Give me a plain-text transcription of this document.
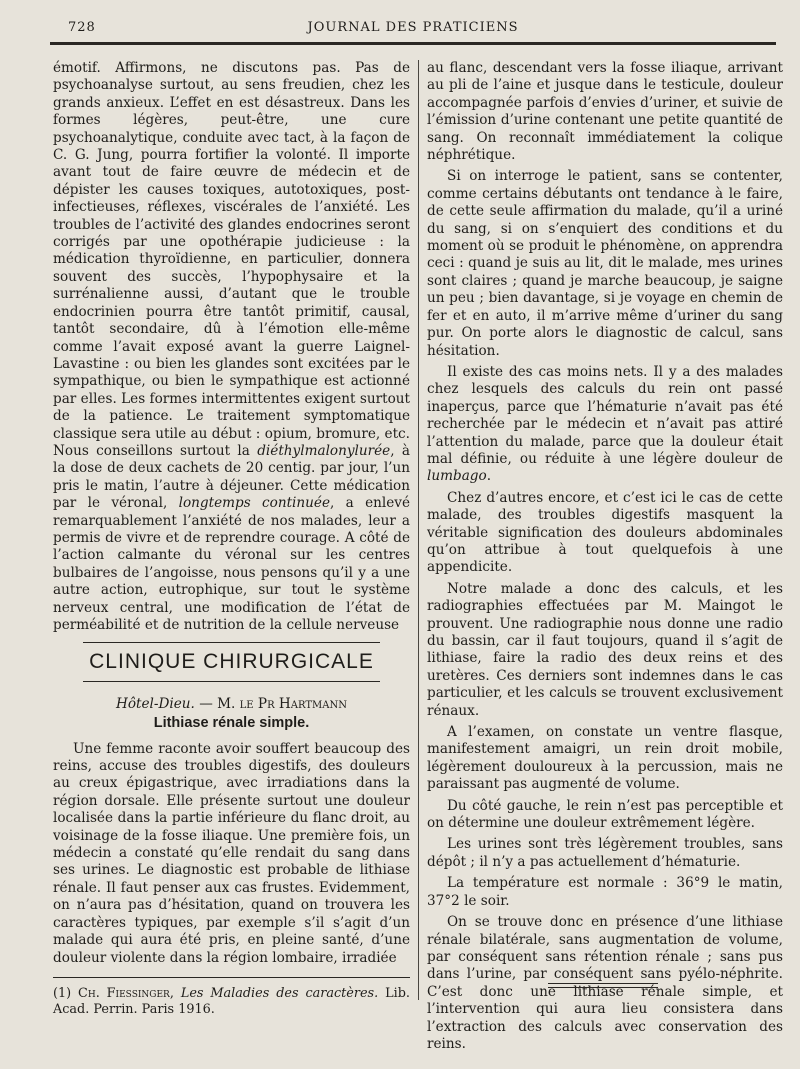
728	JOURNAL DES PRATICIENS

émotif. Affirmons, ne discutons pas. Pas de psychoanalyse surtout, au sens freudien, chez les grands anxieux. L’effet en est désastreux. Dans les formes légères, peut-être, une cure psychoanalytique, conduite avec tact, à la façon de C. G. Jung, pourra fortifier la volonté. Il importe avant tout de faire œuvre de médecin et de dépister les causes toxiques, autotoxiques, post-infectieuses, réflexes, viscérales de l’anxiété. Les troubles de l’activité des glandes endocrines seront corrigés par une opothérapie judicieuse : la médication thyroïdienne, en particulier, donnera souvent des succès, l’hypophysaire et la surrénalienne aussi, d’autant que le trouble endocrinien pourra être tantôt primitif, causal, tantôt secondaire, dû à l’émotion elle-même comme l’avait exposé avant la guerre Laignel-Lavastine : ou bien les glandes sont excitées par le sympathique, ou bien le sympathique est actionné par elles. Les formes intermittentes exigent surtout de la patience. Le traitement symptomatique classique sera utile au début : opium, bromure, etc. Nous conseillons surtout la diéthylmalonylurée, à la dose de deux cachets de 20 centig. par jour, l’un pris le matin, l’autre à déjeuner. Cette médication par le véronal, longtemps continuée, a enlevé remarquablement l’anxiété de nos malades, leur a permis de vivre et de reprendre courage. A côté de l’action calmante du véronal sur les centres bulbaires de l’angoisse, nous pensons qu’il y a une autre action, eutrophique, sur tout le système nerveux central, une modification de l’état de perméabilité et de nutrition de la cellule nerveuse

CLINIQUE CHIRURGICALE
Hôtel-Dieu. — M. le Pr Hartmann
Lithiase rénale simple.

Une femme raconte avoir souffert beaucoup des reins, accuse des troubles digestifs, des douleurs au creux épigastrique, avec irradiations dans la région dorsale. Elle présente surtout une douleur localisée dans la partie inférieure du flanc droit, au voisinage de la fosse iliaque. Une première fois, un médecin a constaté qu’elle rendait du sang dans ses urines. Le diagnostic est probable de lithiase rénale. Il faut penser aux cas frustes. Evidemment, on n’aura pas d’hésitation, quand on trouvera les caractères typiques, par exemple s’il s’agit d’un malade qui aura été pris, en pleine santé, d’une douleur violente dans la région lombaire, irradiée

(1) Ch. Fiessinger, Les Maladies des caractères. Lib. Acad. Perrin. Paris 1916.

au flanc, descendant vers la fosse iliaque, arrivant au pli de l’aine et jusque dans le testicule, douleur accompagnée parfois d’envies d’uriner, et suivie de l’émission d’urine contenant une petite quantité de sang. On reconnaît immédiatement la colique néphrétique.

Si on interroge le patient, sans se contenter, comme certains débutants ont tendance à le faire, de cette seule affirmation du malade, qu’il a uriné du sang, si on s’enquiert des conditions et du moment où se produit le phénomène, on apprendra ceci : quand je suis au lit, dit le malade, mes urines sont claires ; quand je marche beaucoup, je saigne un peu ; bien davantage, si je voyage en chemin de fer et en auto, il m’arrive même d’uriner du sang pur. On porte alors le diagnostic de calcul, sans hésitation.

Il existe des cas moins nets. Il y a des malades chez lesquels des calculs du rein ont passé inaperçus, parce que l’hématurie n’avait pas été recherchée par le médecin et n’avait pas attiré l’attention du malade, parce que la douleur était mal définie, ou réduite à une légère douleur de lumbago.

Chez d’autres encore, et c’est ici le cas de cette malade, des troubles digestifs masquent la véritable signification des douleurs abdominales qu’on attribue à tout quelquefois à une appendicite.

Notre malade a donc des calculs, et les radiographies effectuées par M. Maingot le prouvent. Une radiographie nous donne une radio du bassin, car il faut toujours, quand il s’agit de lithiase, faire la radio des deux reins et des uretères. Ces derniers sont indemnes dans le cas particulier, et les calculs se trouvent exclusivement rénaux.

A l’examen, on constate un ventre flasque, manifestement amaigri, un rein droit mobile, légèrement douloureux à la percussion, mais ne paraissant pas augmenté de volume.

Du côté gauche, le rein n’est pas perceptible et on détermine une douleur extrêmement légère.

Les urines sont très légèrement troubles, sans dépôt ; il n’y a pas actuellement d’hématurie.

La température est normale : 36°9 le matin, 37°2 le soir.

On se trouve donc en présence d’une lithiase rénale bilatérale, sans augmentation de volume, par conséquent sans rétention rénale ; sans pus dans l’urine, par conséquent sans pyélo-néphrite. C’est donc une lithiase rénale simple, et l’intervention qui aura lieu consistera dans l’extraction des calculs avec conservation des reins.
